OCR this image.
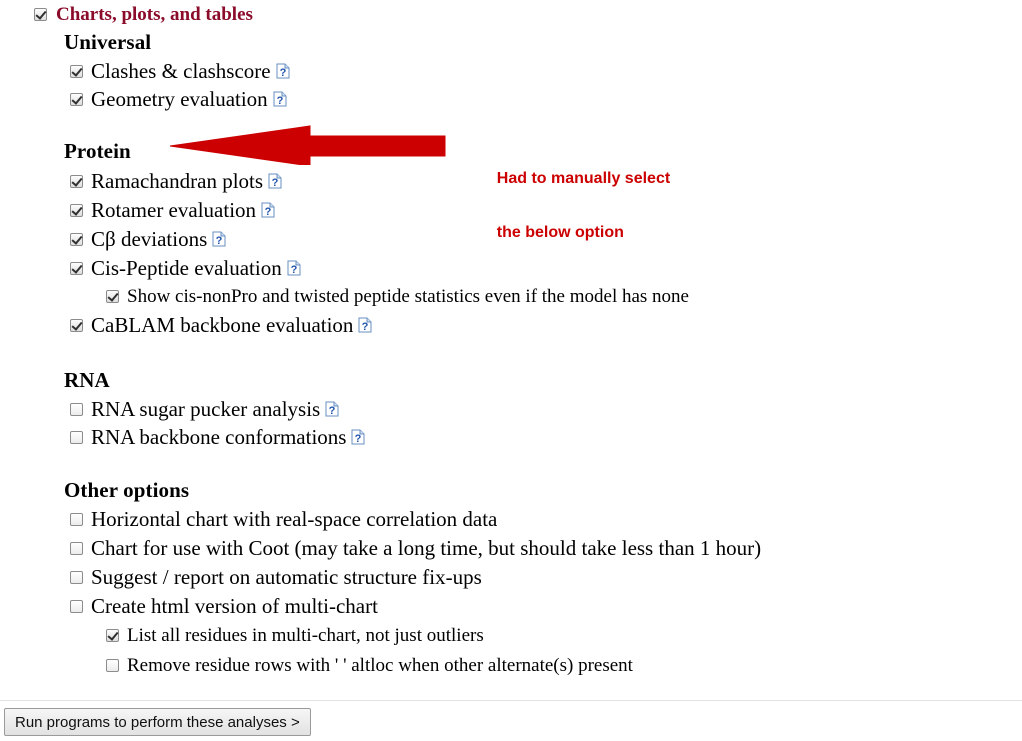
Charts, plots, and tables
Universal
Clashes & clashscore ?
Geometry evaluation ?
Protein

Had to manually select

the below option

Ramachandran plots ?
Rotamer evaluation ?
Cβ deviations ?
Cis-Peptide evaluation ?
Show cis-nonPro and twisted peptide statistics even if the model has none
CaBLAM backbone evaluation ?
RNA
RNA sugar pucker analysis ?
RNA backbone conformations ?
Other options
Horizontal chart with real-space correlation data
Chart for use with Coot (may take a long time, but should take less than 1 hour)
Suggest / report on automatic structure fix-ups
Create html version of multi-chart
List all residues in multi-chart, not just outliers
Remove residue rows with ' ' altloc when other alternate(s) present
Run programs to perform these analyses >
